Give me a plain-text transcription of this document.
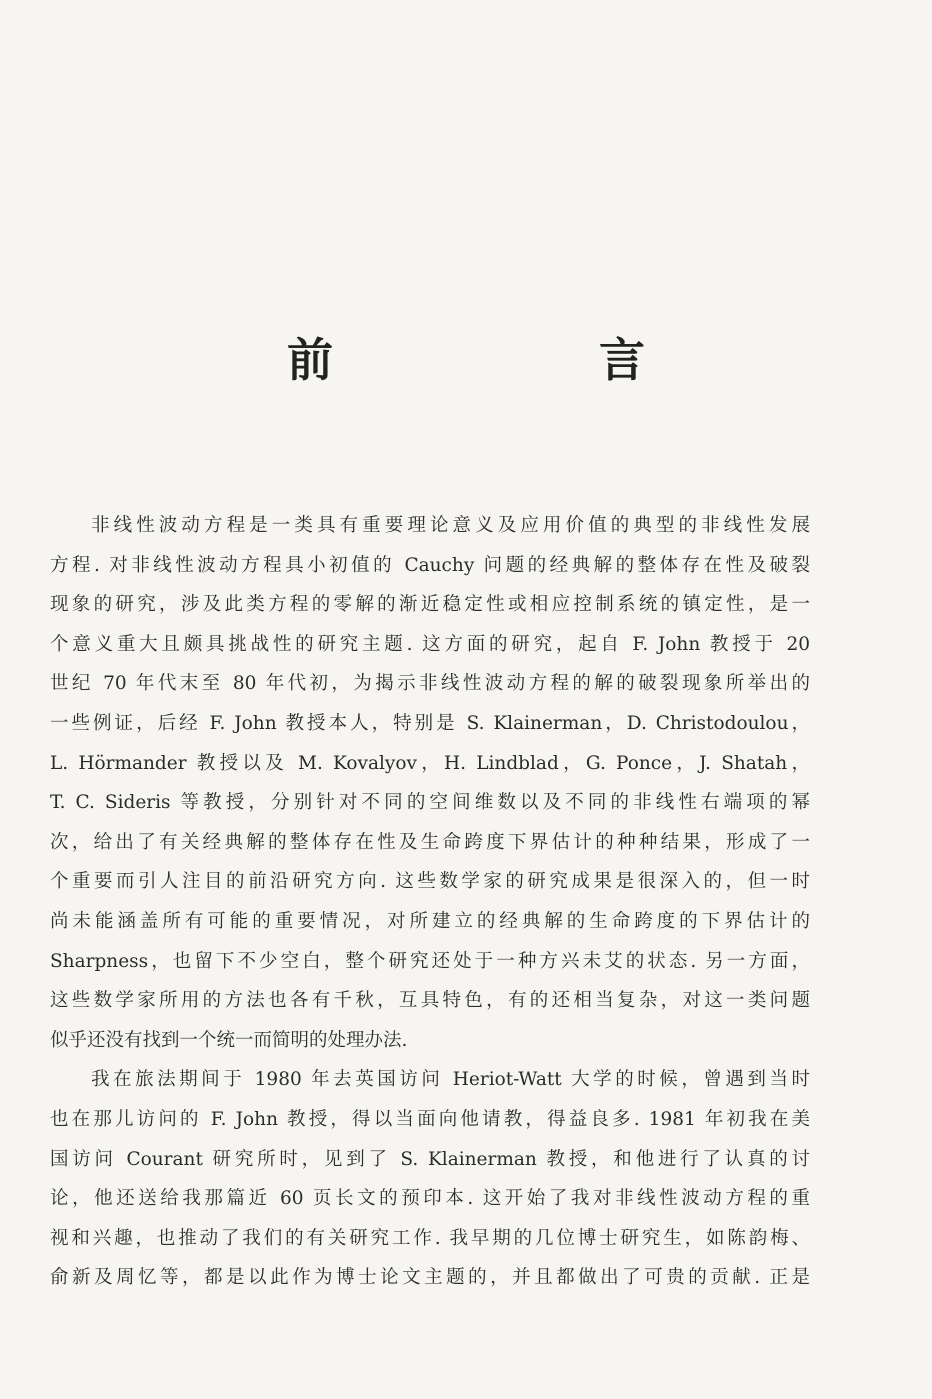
前　言
非线性波动方程是一类具有重要理论意义及应用价值的典型的非线性发展
方程. 对非线性波动方程具小初值的 Cauchy 问题的经典解的整体存在性及破裂
现象的研究，涉及此类方程的零解的渐近稳定性或相应控制系统的镇定性，是一
个意义重大且颇具挑战性的研究主题. 这方面的研究，起自 F. John 教授于 20
世纪 70 年代末至 80 年代初，为揭示非线性波动方程的解的破裂现象所举出的
一些例证，后经 F. John 教授本人，特别是 S. Klainerman，D. Christodoulou，
L. Hörmander 教授以及 M. Kovalyov，H. Lindblad，G. Ponce，J. Shatah，
T. C. Sideris 等教授，分别针对不同的空间维数以及不同的非线性右端项的幂
次，给出了有关经典解的整体存在性及生命跨度下界估计的种种结果，形成了一
个重要而引人注目的前沿研究方向. 这些数学家的研究成果是很深入的，但一时
尚未能涵盖所有可能的重要情况，对所建立的经典解的生命跨度的下界估计的
Sharpness，也留下不少空白，整个研究还处于一种方兴未艾的状态. 另一方面，
这些数学家所用的方法也各有千秋，互具特色，有的还相当复杂，对这一类问题
似乎还没有找到一个统一而简明的处理办法.
我在旅法期间于 1980 年去英国访问 Heriot-Watt 大学的时候，曾遇到当时
也在那儿访问的 F. John 教授，得以当面向他请教，得益良多. 1981 年初我在美
国访问 Courant 研究所时，见到了 S. Klainerman 教授，和他进行了认真的讨
论，他还送给我那篇近 60 页长文的预印本. 这开始了我对非线性波动方程的重
视和兴趣，也推动了我们的有关研究工作. 我早期的几位博士研究生，如陈韵梅、
俞新及周忆等，都是以此作为博士论文主题的，并且都做出了可贵的贡献. 正是
